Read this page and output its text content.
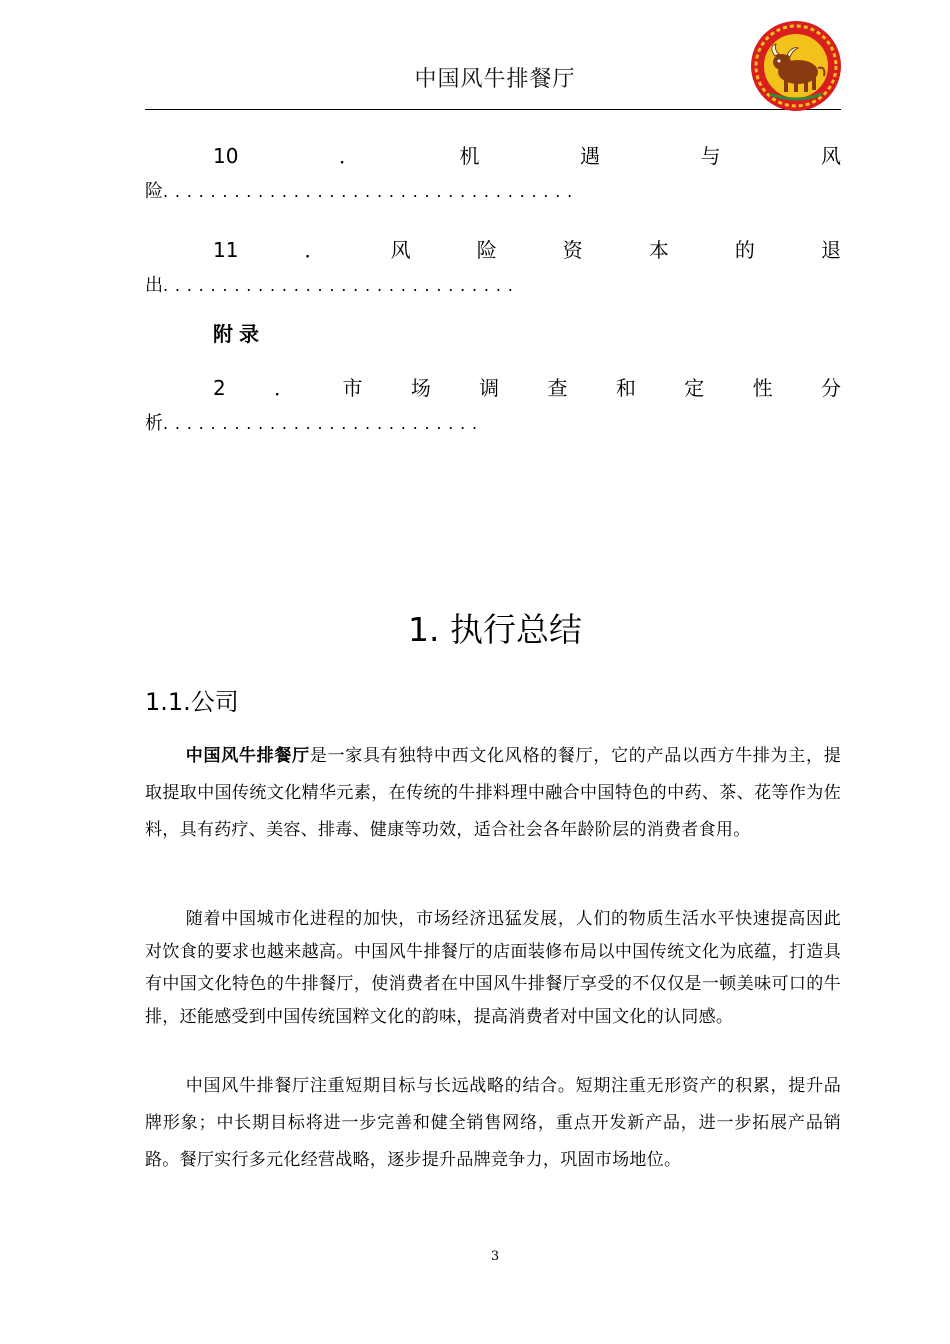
中国风牛排餐厅
10	．	机	遇	与	风
险...................................
11	．	风	险	资	本	的	退
出..............................
附录
2 ． 市 场 调 查 和 定 性 分
析...........................
1. 执行总结
1.1.公司
中国风牛排餐厅是一家具有独特中西文化风格的餐厅，它的产品以西方牛排为主，提取提取中国传统文化精华元素，在传统的牛排料理中融合中国特色的中药、茶、花等作为佐料，具有药疗、美容、排毒、健康等功效，适合社会各年龄阶层的消费者食用。
随着中国城市化进程的加快，市场经济迅猛发展，人们的物质生活水平快速提高因此对饮食的要求也越来越高。中国风牛排餐厅的店面装修布局以中国传统文化为底蕴，打造具有中国文化特色的牛排餐厅，使消费者在中国风牛排餐厅享受的不仅仅是一顿美味可口的牛排，还能感受到中国传统国粹文化的韵味，提高消费者对中国文化的认同感。
中国风牛排餐厅注重短期目标与长远战略的结合。短期注重无形资产的积累，提升品牌形象；中长期目标将进一步完善和健全销售网络，重点开发新产品，进一步拓展产品销路。餐厅实行多元化经营战略，逐步提升品牌竞争力，巩固市场地位。
3
